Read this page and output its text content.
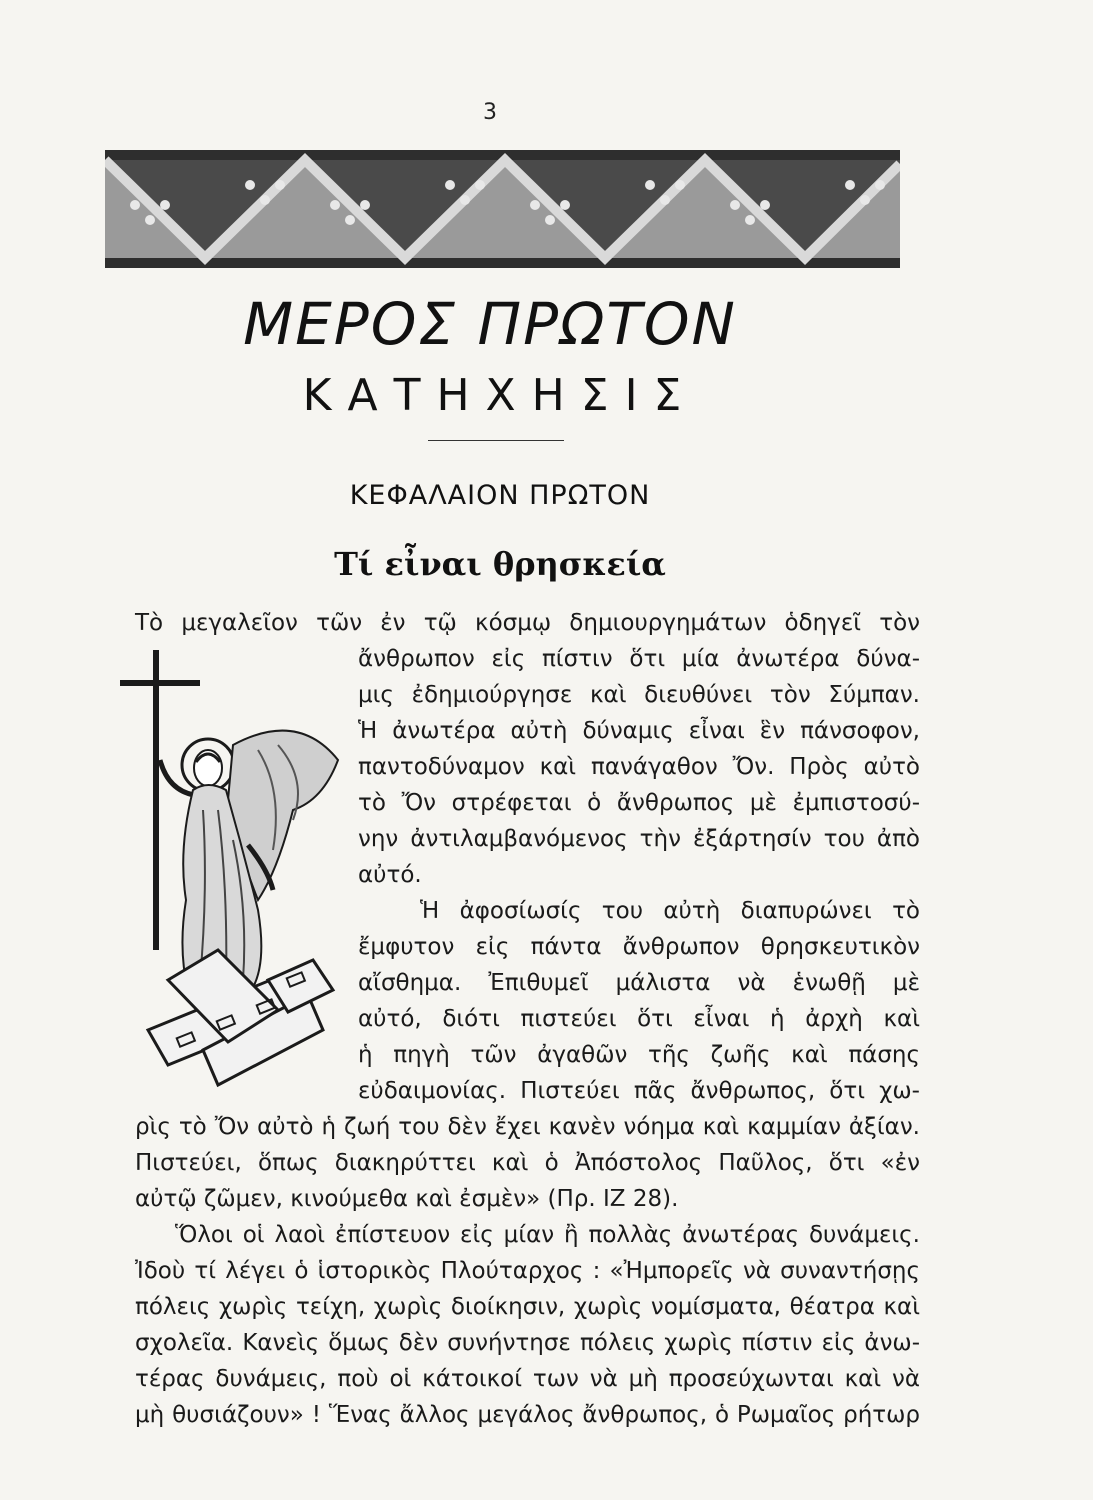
3
ΜΕΡΟΣ ΠΡΩΤΟΝ
ΚΑΤΗΧΗΣΙΣ
ΚΕΦΑΛΑΙΟΝ ΠΡΩΤΟΝ
Τί εἶναι θρησκεία
Τὸ μεγαλεῖον τῶν ἐν τῷ κόσμῳ δημιουργημάτων ὁδηγεῖ τὸν
ἄνθρωπον εἰς πίστιν ὅτι μία ἀνωτέρα δύνα-
μις ἐδημιούργησε καὶ διευθύνει τὸν Σύμπαν.
Ἡ ἀνωτέρα αὐτὴ δύναμις εἶναι ἓν πάνσοφον,
παντοδύναμον καὶ πανάγαθον Ὄν. Πρὸς αὐτὸ
τὸ Ὄν στρέφεται ὁ ἄνθρωπος μὲ ἐμπιστοσύ-
νην ἀντιλαμβανόμενος τὴν ἐξάρτησίν του ἀπὸ
αὐτό.
Ἡ ἀφοσίωσίς του αὐτὴ διαπυρώνει τὸ
ἔμφυτον εἰς πάντα ἄνθρωπον θρησκευτικὸν
αἴσθημα. Ἐπιθυμεῖ μάλιστα νὰ ἑνωθῇ μὲ
αὐτό, διότι πιστεύει ὅτι εἶναι ἡ ἀρχὴ καὶ
ἡ πηγὴ τῶν ἀγαθῶν τῆς ζωῆς καὶ πάσης
εὐδαιμονίας. Πιστεύει πᾶς ἄνθρωπος, ὅτι χω-
ρὶς τὸ Ὄν αὐτὸ ἡ ζωή του δὲν ἔχει κανὲν νόημα καὶ καμμίαν ἀξίαν.
Πιστεύει, ὅπως διακηρύττει καὶ ὁ Ἀπόστολος Παῦλος, ὅτι «ἐν
αὐτῷ ζῶμεν, κινούμεθα καὶ ἐσμὲν» (Πρ. ΙΖ 28).
Ὅλοι οἱ λαοὶ ἐπίστευον εἰς μίαν ἢ πολλὰς ἀνωτέρας δυνάμεις.
Ἰδοὺ τί λέγει ὁ ἱστορικὸς Πλούταρχος : «Ἠμπορεῖς νὰ συναντήσῃς
πόλεις χωρὶς τείχη, χωρὶς διοίκησιν, χωρὶς νομίσματα, θέατρα καὶ
σχολεῖα. Κανεὶς ὅμως δὲν συνήντησε πόλεις χωρὶς πίστιν εἰς ἀνω-
τέρας δυνάμεις, ποὺ οἱ κάτοικοί των νὰ μὴ προσεύχωνται καὶ νὰ
μὴ θυσιάζουν» ! Ἕνας ἄλλος μεγάλος ἄνθρωπος, ὁ Ρωμαῖος ρήτωρ
